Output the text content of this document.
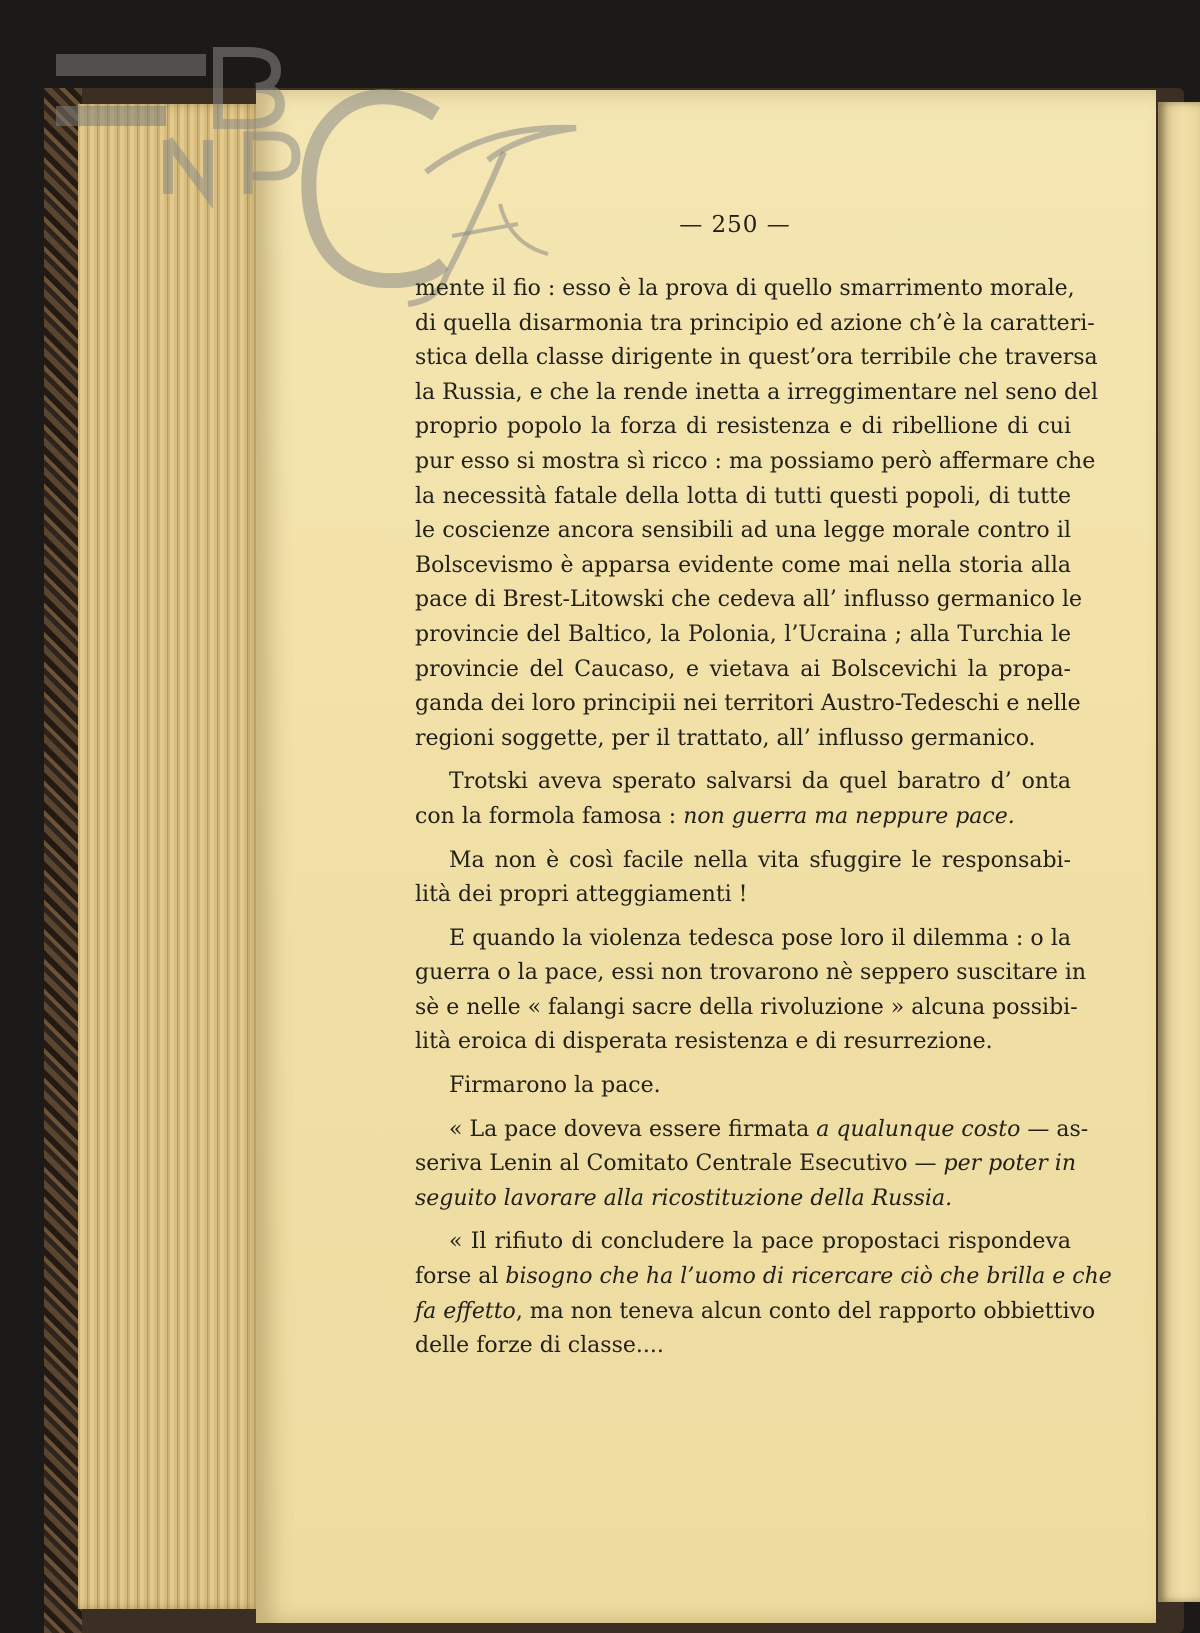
— 250 —
mente il fio : esso è la prova di quello smarrimento morale,
di quella disarmonia tra principio ed azione ch’è la caratteri-
stica della classe dirigente in quest’ora terribile che traversa
la Russia, e che la rende inetta a irreggimentare nel seno del
proprio popolo la forza di resistenza e di ribellione di cui
pur esso si mostra sì ricco : ma possiamo però affermare che
la necessità fatale della lotta di tutti questi popoli, di tutte
le coscienze ancora sensibili ad una legge morale contro il
Bolscevismo è apparsa evidente come mai nella storia alla
pace di Brest-Litowski che cedeva all’ influsso germanico le
provincie del Baltico, la Polonia, l’Ucraina ; alla Turchia le
provincie del Caucaso, e vietava ai Bolscevichi la propa-
ganda dei loro principii nei territori Austro-Tedeschi e nelle
regioni soggette, per il trattato, all’ influsso germanico.
Trotski aveva sperato salvarsi da quel baratro d’ onta
con la formola famosa : non guerra ma neppure pace.
Ma non è così facile nella vita sfuggire le responsabi-
lità dei propri atteggiamenti !
E quando la violenza tedesca pose loro il dilemma : o la
guerra o la pace, essi non trovarono nè seppero suscitare in
sè e nelle « falangi sacre della rivoluzione » alcuna possibi-
lità eroica di disperata resistenza e di resurrezione.
Firmarono la pace.
« La pace doveva essere firmata a qualunque costo — as-
seriva Lenin al Comitato Centrale Esecutivo — per poter in
seguito lavorare alla ricostituzione della Russia.
« Il rifiuto di concludere la pace propostaci rispondeva
forse al bisogno che ha l’uomo di ricercare ciò che brilla e che
fa effetto, ma non teneva alcun conto del rapporto obbiettivo
delle forze di classe....
